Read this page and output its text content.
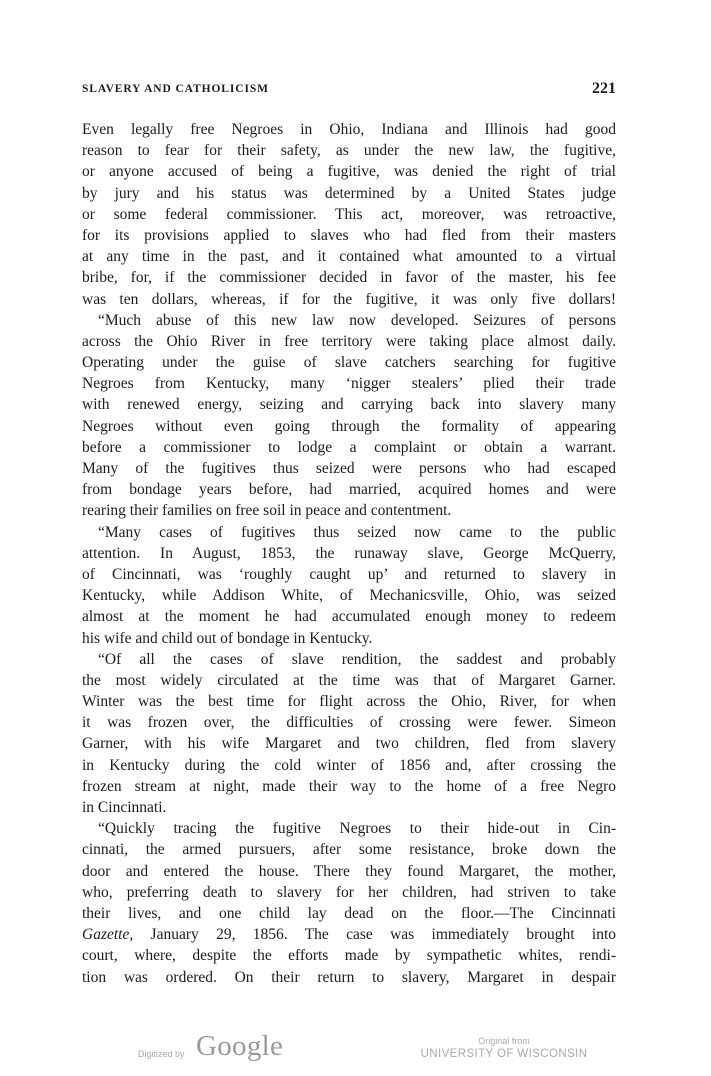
SLAVERY AND CATHOLICISM	221
Even legally free Negroes in Ohio, Indiana and Illinois had good
reason to fear for their safety, as under the new law, the fugitive,
or anyone accused of being a fugitive, was denied the right of trial
by jury and his status was determined by a United States judge
or some federal commissioner. This act, moreover, was retroactive,
for its provisions applied to slaves who had fled from their masters
at any time in the past, and it contained what amounted to a virtual
bribe, for, if the commissioner decided in favor of the master, his fee
was ten dollars, whereas, if for the fugitive, it was only five dollars!
“Much abuse of this new law now developed. Seizures of persons
across the Ohio River in free territory were taking place almost daily.
Operating under the guise of slave catchers searching for fugitive
Negroes from Kentucky, many ‘nigger stealers’ plied their trade
with renewed energy, seizing and carrying back into slavery many
Negroes without even going through the formality of appearing
before a commissioner to lodge a complaint or obtain a warrant.
Many of the fugitives thus seized were persons who had escaped
from bondage years before, had married, acquired homes and were
rearing their families on free soil in peace and contentment.
“Many cases of fugitives thus seized now came to the public
attention. In August, 1853, the runaway slave, George McQuerry,
of Cincinnati, was ‘roughly caught up’ and returned to slavery in
Kentucky, while Addison White, of Mechanicsville, Ohio, was seized
almost at the moment he had accumulated enough money to redeem
his wife and child out of bondage in Kentucky.
“Of all the cases of slave rendition, the saddest and probably
the most widely circulated at the time was that of Margaret Garner.
Winter was the best time for flight across the Ohio, River, for when
it was frozen over, the difficulties of crossing were fewer. Simeon
Garner, with his wife Margaret and two children, fled from slavery
in Kentucky during the cold winter of 1856 and, after crossing the
frozen stream at night, made their way to the home of a free Negro
in Cincinnati.
“Quickly tracing the fugitive Negroes to their hide-out in Cin-
cinnati, the armed pursuers, after some resistance, broke down the
door and entered the house. There they found Margaret, the mother,
who, preferring death to slavery for her children, had striven to take
their lives, and one child lay dead on the floor.—The Cincinnati
Gazette, January 29, 1856. The case was immediately brought into
court, where, despite the efforts made by sympathetic whites, rendi-
tion was ordered. On their return to slavery, Margaret in despair
Digitized by Google	Original from
UNIVERSITY OF WISCONSIN
